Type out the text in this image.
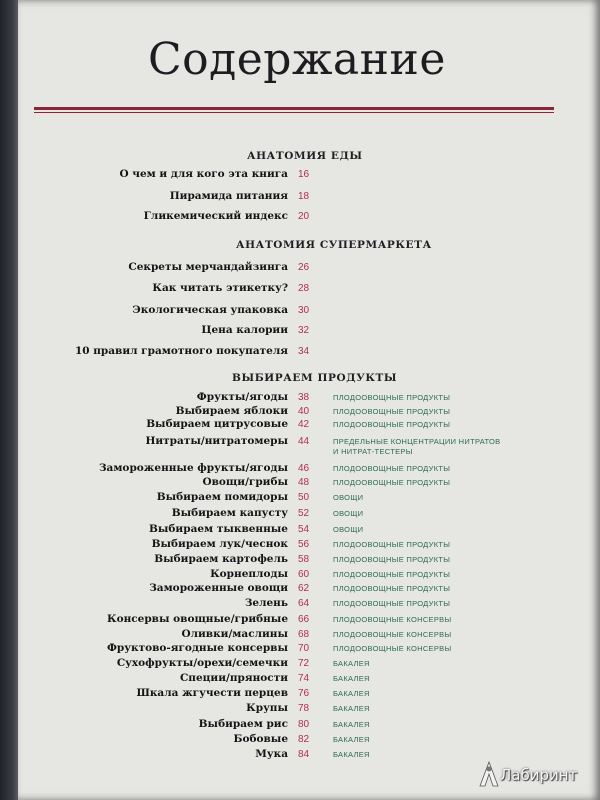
Содержание
АНАТОМИЯ ЕДЫ
О чем и для кого эта книга 16
Пирамида питания 18
Гликемический индекс 20
АНАТОМИЯ СУПЕРМАРКЕТА
Секреты мерчандайзинга 26
Как читать этикетку? 28
Экологическая упаковка 30
Цена калории 32
10 правил грамотного покупателя 34
ВЫБИРАЕМ ПРОДУКТЫ
Фрукты/ягоды 38	ПЛОДООВОЩНЫЕ ПРОДУКТЫ
Выбираем яблоки 40	ПЛОДООВОЩНЫЕ ПРОДУКТЫ
Выбираем цитрусовые 42	ПЛОДООВОЩНЫЕ ПРОДУКТЫ
Нитраты/нитратомеры 44	ПРЕДЕЛЬНЫЕ КОНЦЕНТРАЦИИ НИТРАТОВ
И НИТРАТ-ТЕСТЕРЫ
Замороженные фрукты/ягоды 46	ПЛОДООВОЩНЫЕ ПРОДУКТЫ
Овощи/грибы 48	ПЛОДООВОЩНЫЕ ПРОДУКТЫ
Выбираем помидоры 50	ОВОЩИ
Выбираем капусту 52	ОВОЩИ
Выбираем тыквенные 54	ОВОЩИ
Выбираем лук/чеснок 56	ПЛОДООВОЩНЫЕ ПРОДУКТЫ
Выбираем картофель 58	ПЛОДООВОЩНЫЕ ПРОДУКТЫ
Корнеплоды 60	ПЛОДООВОЩНЫЕ ПРОДУКТЫ
Замороженные овощи 62	ПЛОДООВОЩНЫЕ ПРОДУКТЫ
Зелень 64	ПЛОДООВОЩНЫЕ ПРОДУКТЫ
Консервы овощные/грибные 66	ПЛОДООВОЩНЫЕ КОНСЕРВЫ
Оливки/маслины 68	ПЛОДООВОЩНЫЕ КОНСЕРВЫ
Фруктово-ягодные консервы 70	ПЛОДООВОЩНЫЕ КОНСЕРВЫ
Сухофрукты/орехи/семечки 72	БАКАЛЕЯ
Специи/пряности 74	БАКАЛЕЯ
Шкала жгучести перцев 76	БАКАЛЕЯ
Крупы 78	БАКАЛЕЯ
Выбираем рис 80	БАКАЛЕЯ
Бобовые 82	БАКАЛЕЯ
Мука 84	БАКАЛЕЯ
Лабиринт
